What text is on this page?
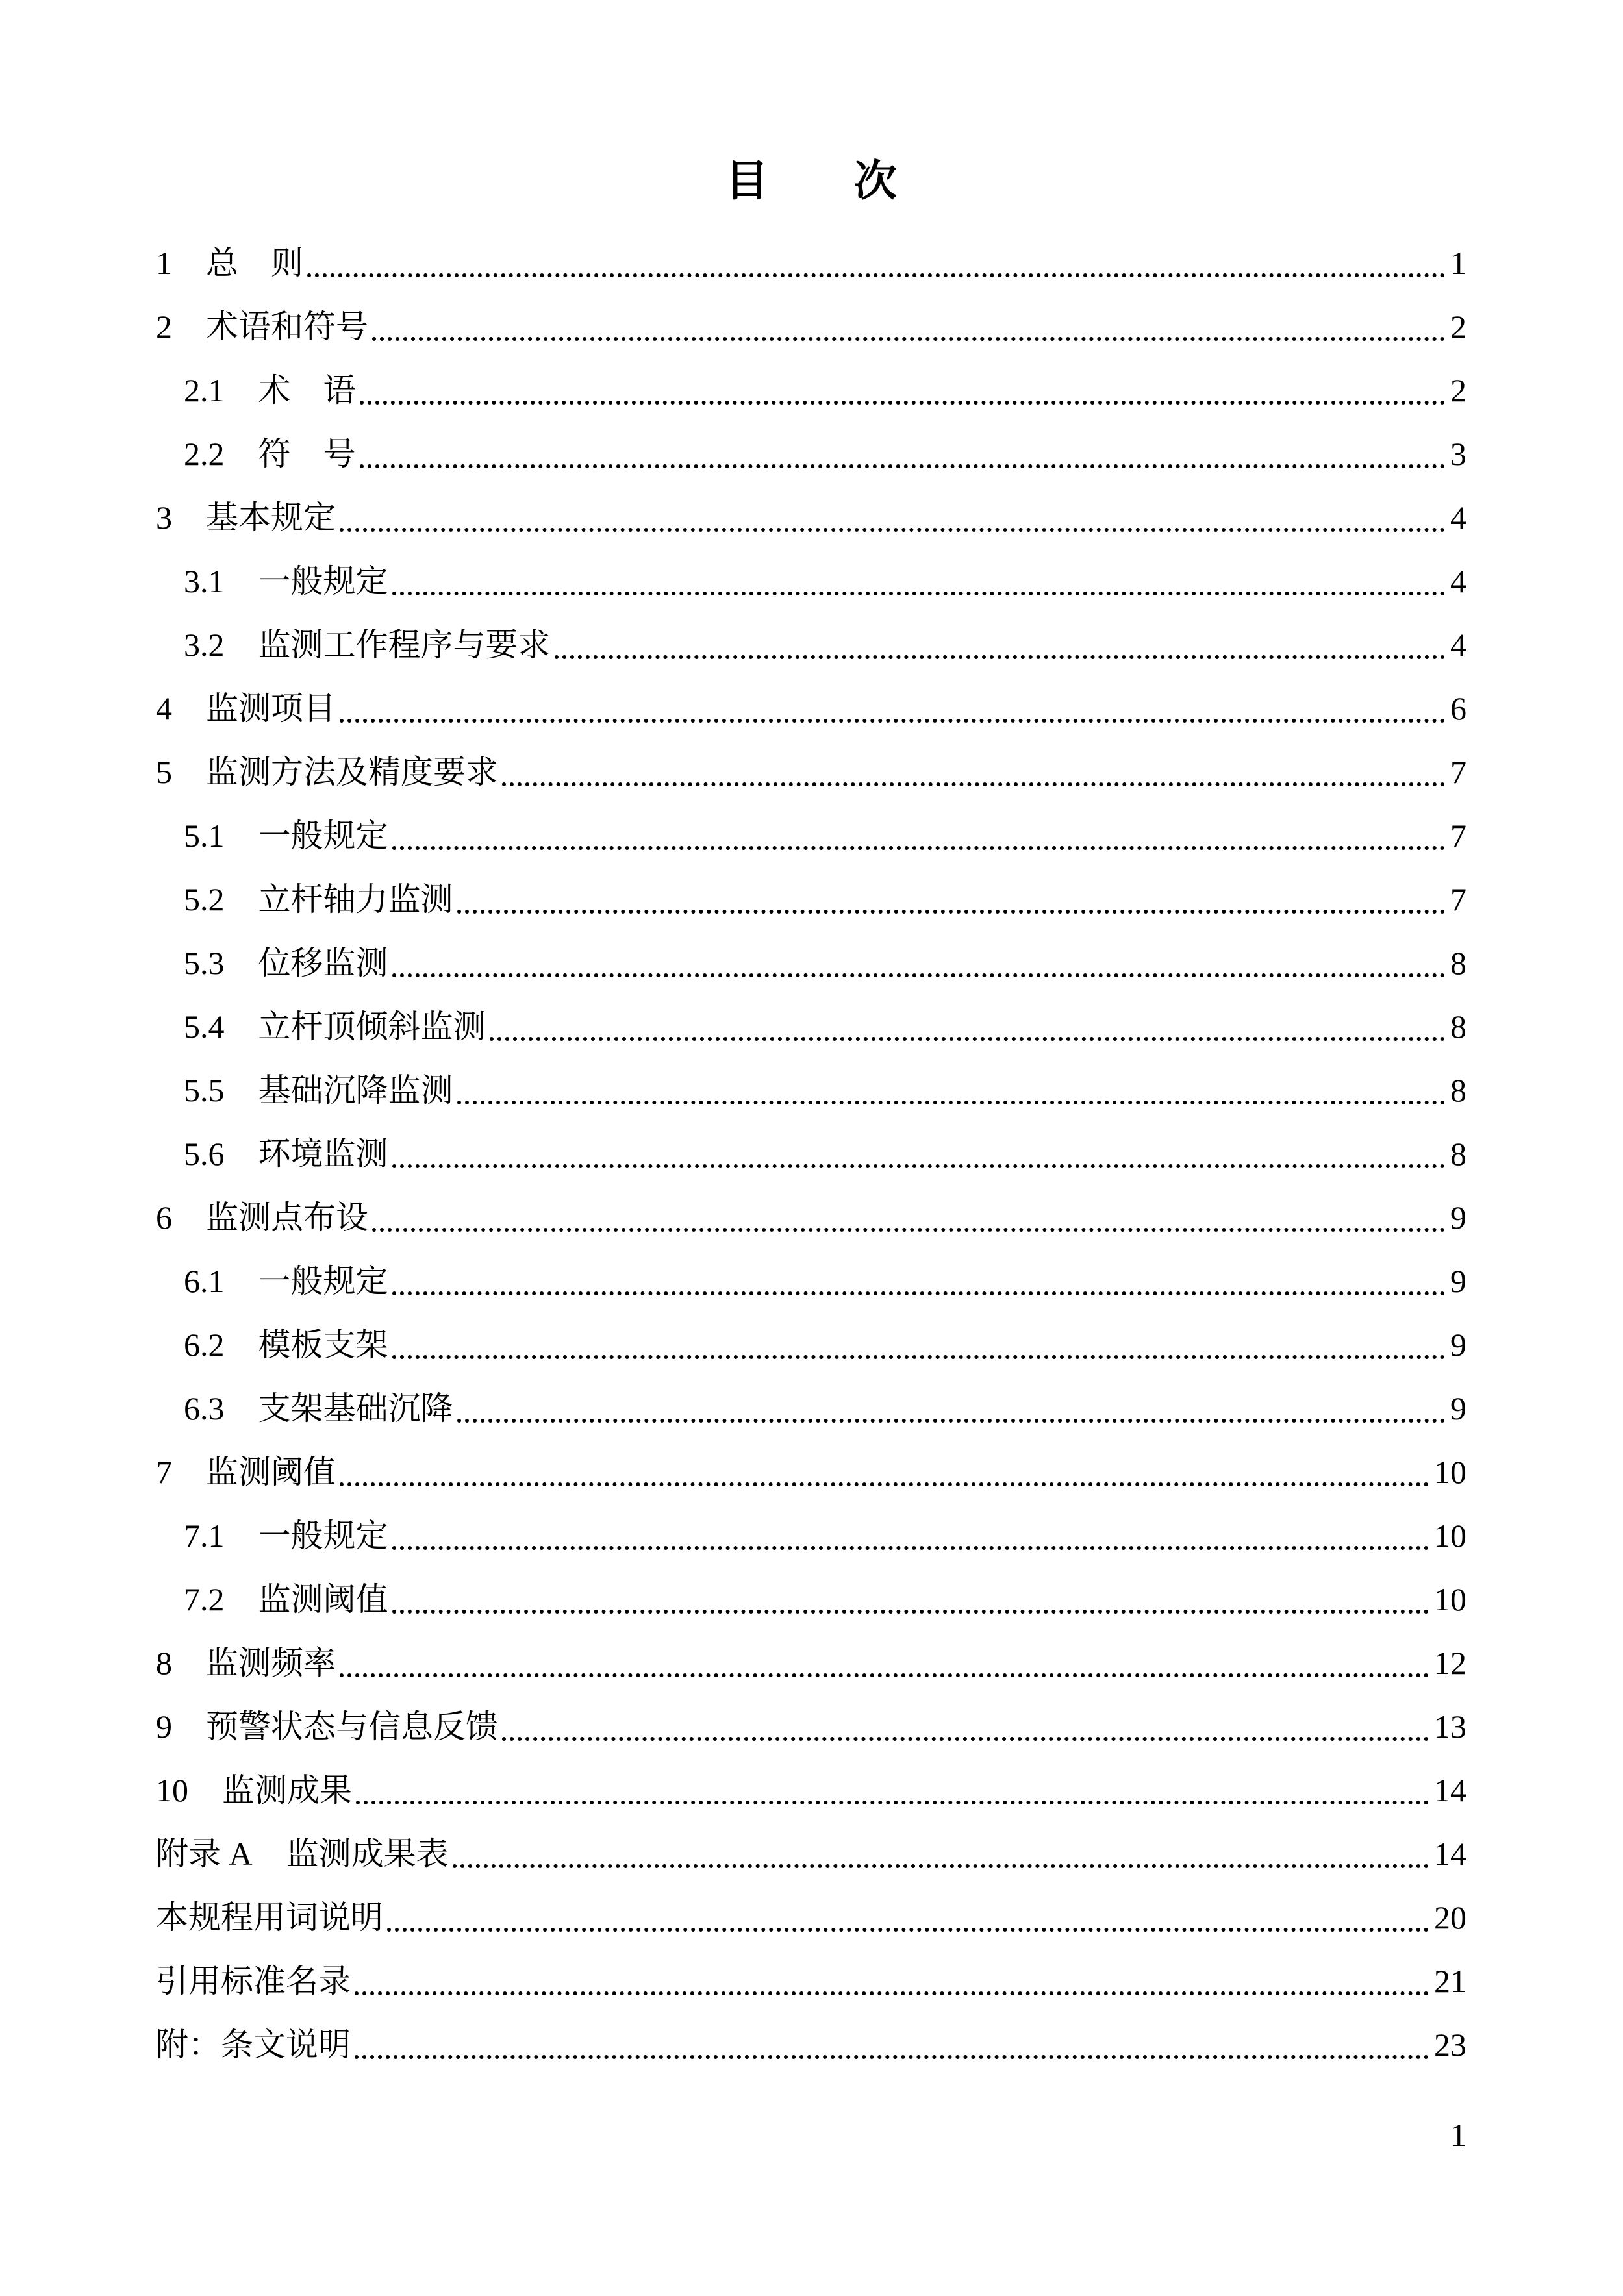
目　　次
1 总　则	1
2 术语和符号	2
2.1 术　语	2
2.2 符　号	3
3 基本规定	4
3.1 一般规定	4
3.2 监测工作程序与要求	4
4 监测项目	6
5 监测方法及精度要求	7
5.1 一般规定	7
5.2 立杆轴力监测	7
5.3 位移监测	8
5.4 立杆顶倾斜监测	8
5.5 基础沉降监测	8
5.6 环境监测	8
6 监测点布设	9
6.1 一般规定	9
6.2 模板支架	9
6.3 支架基础沉降	9
7 监测阈值	10
7.1 一般规定	10
7.2 监测阈值	10
8 监测频率	12
9 预警状态与信息反馈	13
10 监测成果	14
附录 A 监测成果表	14
本规程用词说明	20
引用标准名录	21
附：条文说明	23
1
